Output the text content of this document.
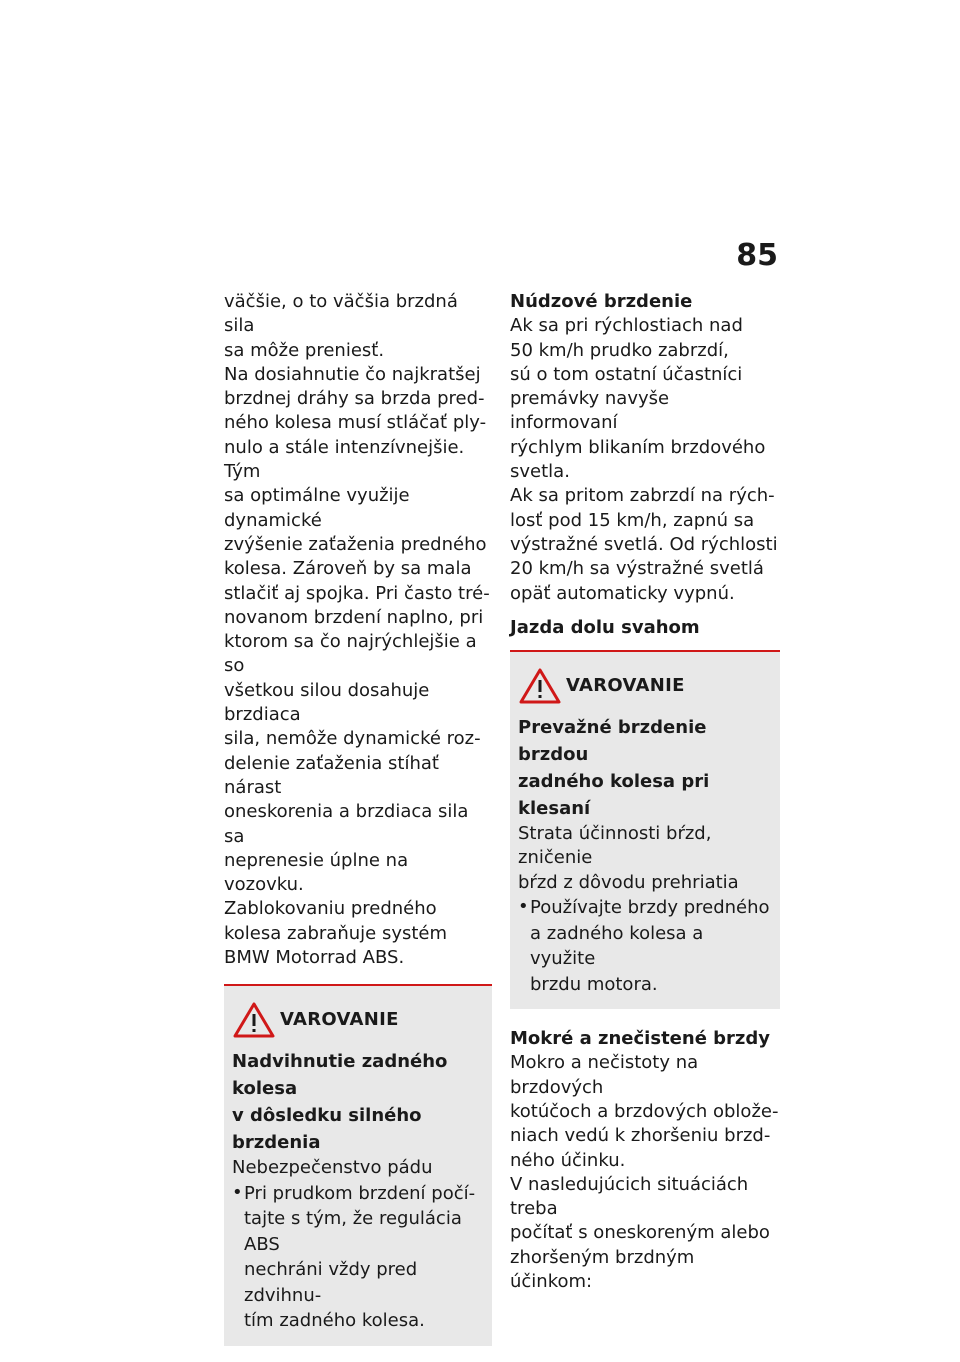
85

väčšie, o to väčšia brzdná sila
sa môže preniesť.
Na dosiahnutie čo najkratšej
brzdnej dráhy sa brzda pred-
ného kolesa musí stláčať ply-
nulo a stále intenzívnejšie. Tým
sa optimálne využije dynamické
zvýšenie zaťaženia predného
kolesa. Zároveň by sa mala
stlačiť aj spojka. Pri často tré-
novanom brzdení naplno, pri
ktorom sa čo najrýchlejšie a so
všetkou silou dosahuje brzdiaca
sila, nemôže dynamické roz-
delenie zaťaženia stíhať nárast
oneskorenia a brzdiaca sila sa
neprenesie úplne na vozovku.
Zablokovaniu predného
kolesa zabraňuje systém
BMW Motorrad ABS.

VAROVANIE

Nadvihnutie zadného kolesa
v dôsledku silného brzdenia

Nebezpečenstvo pádu

• Pri prudkom brzdení počí-
tajte s tým, že regulácia ABS
nechráni vždy pred zdvihnu-
tím zadného kolesa.

Núdzové brzdenie

Ak sa pri rýchlostiach nad
50 km/h prudko zabrzdí,
sú o tom ostatní účastníci
premávky navyše informovaní
rýchlym blikaním brzdového
svetla.
Ak sa pritom zabrzdí na rých-
losť pod 15 km/h, zapnú sa
výstražné svetlá. Od rýchlosti
20 km/h sa výstražné svetlá
opäť automaticky vypnú.

Jazda dolu svahom

VAROVANIE

Prevažné brzdenie brzdou
zadného kolesa pri klesaní

Strata účinnosti bŕzd, zničenie
bŕzd z dôvodu prehriatia

• Používajte brzdy predného
a zadného kolesa a využite
brzdu motora.

Mokré a znečistené brzdy

Mokro a nečistoty na brzdových
kotúčoch a brzdových oblože-
niach vedú k zhoršeniu brzd-
ného účinku.
V nasledujúcich situáciách treba
počítať s oneskoreným alebo
zhoršeným brzdným účinkom:
